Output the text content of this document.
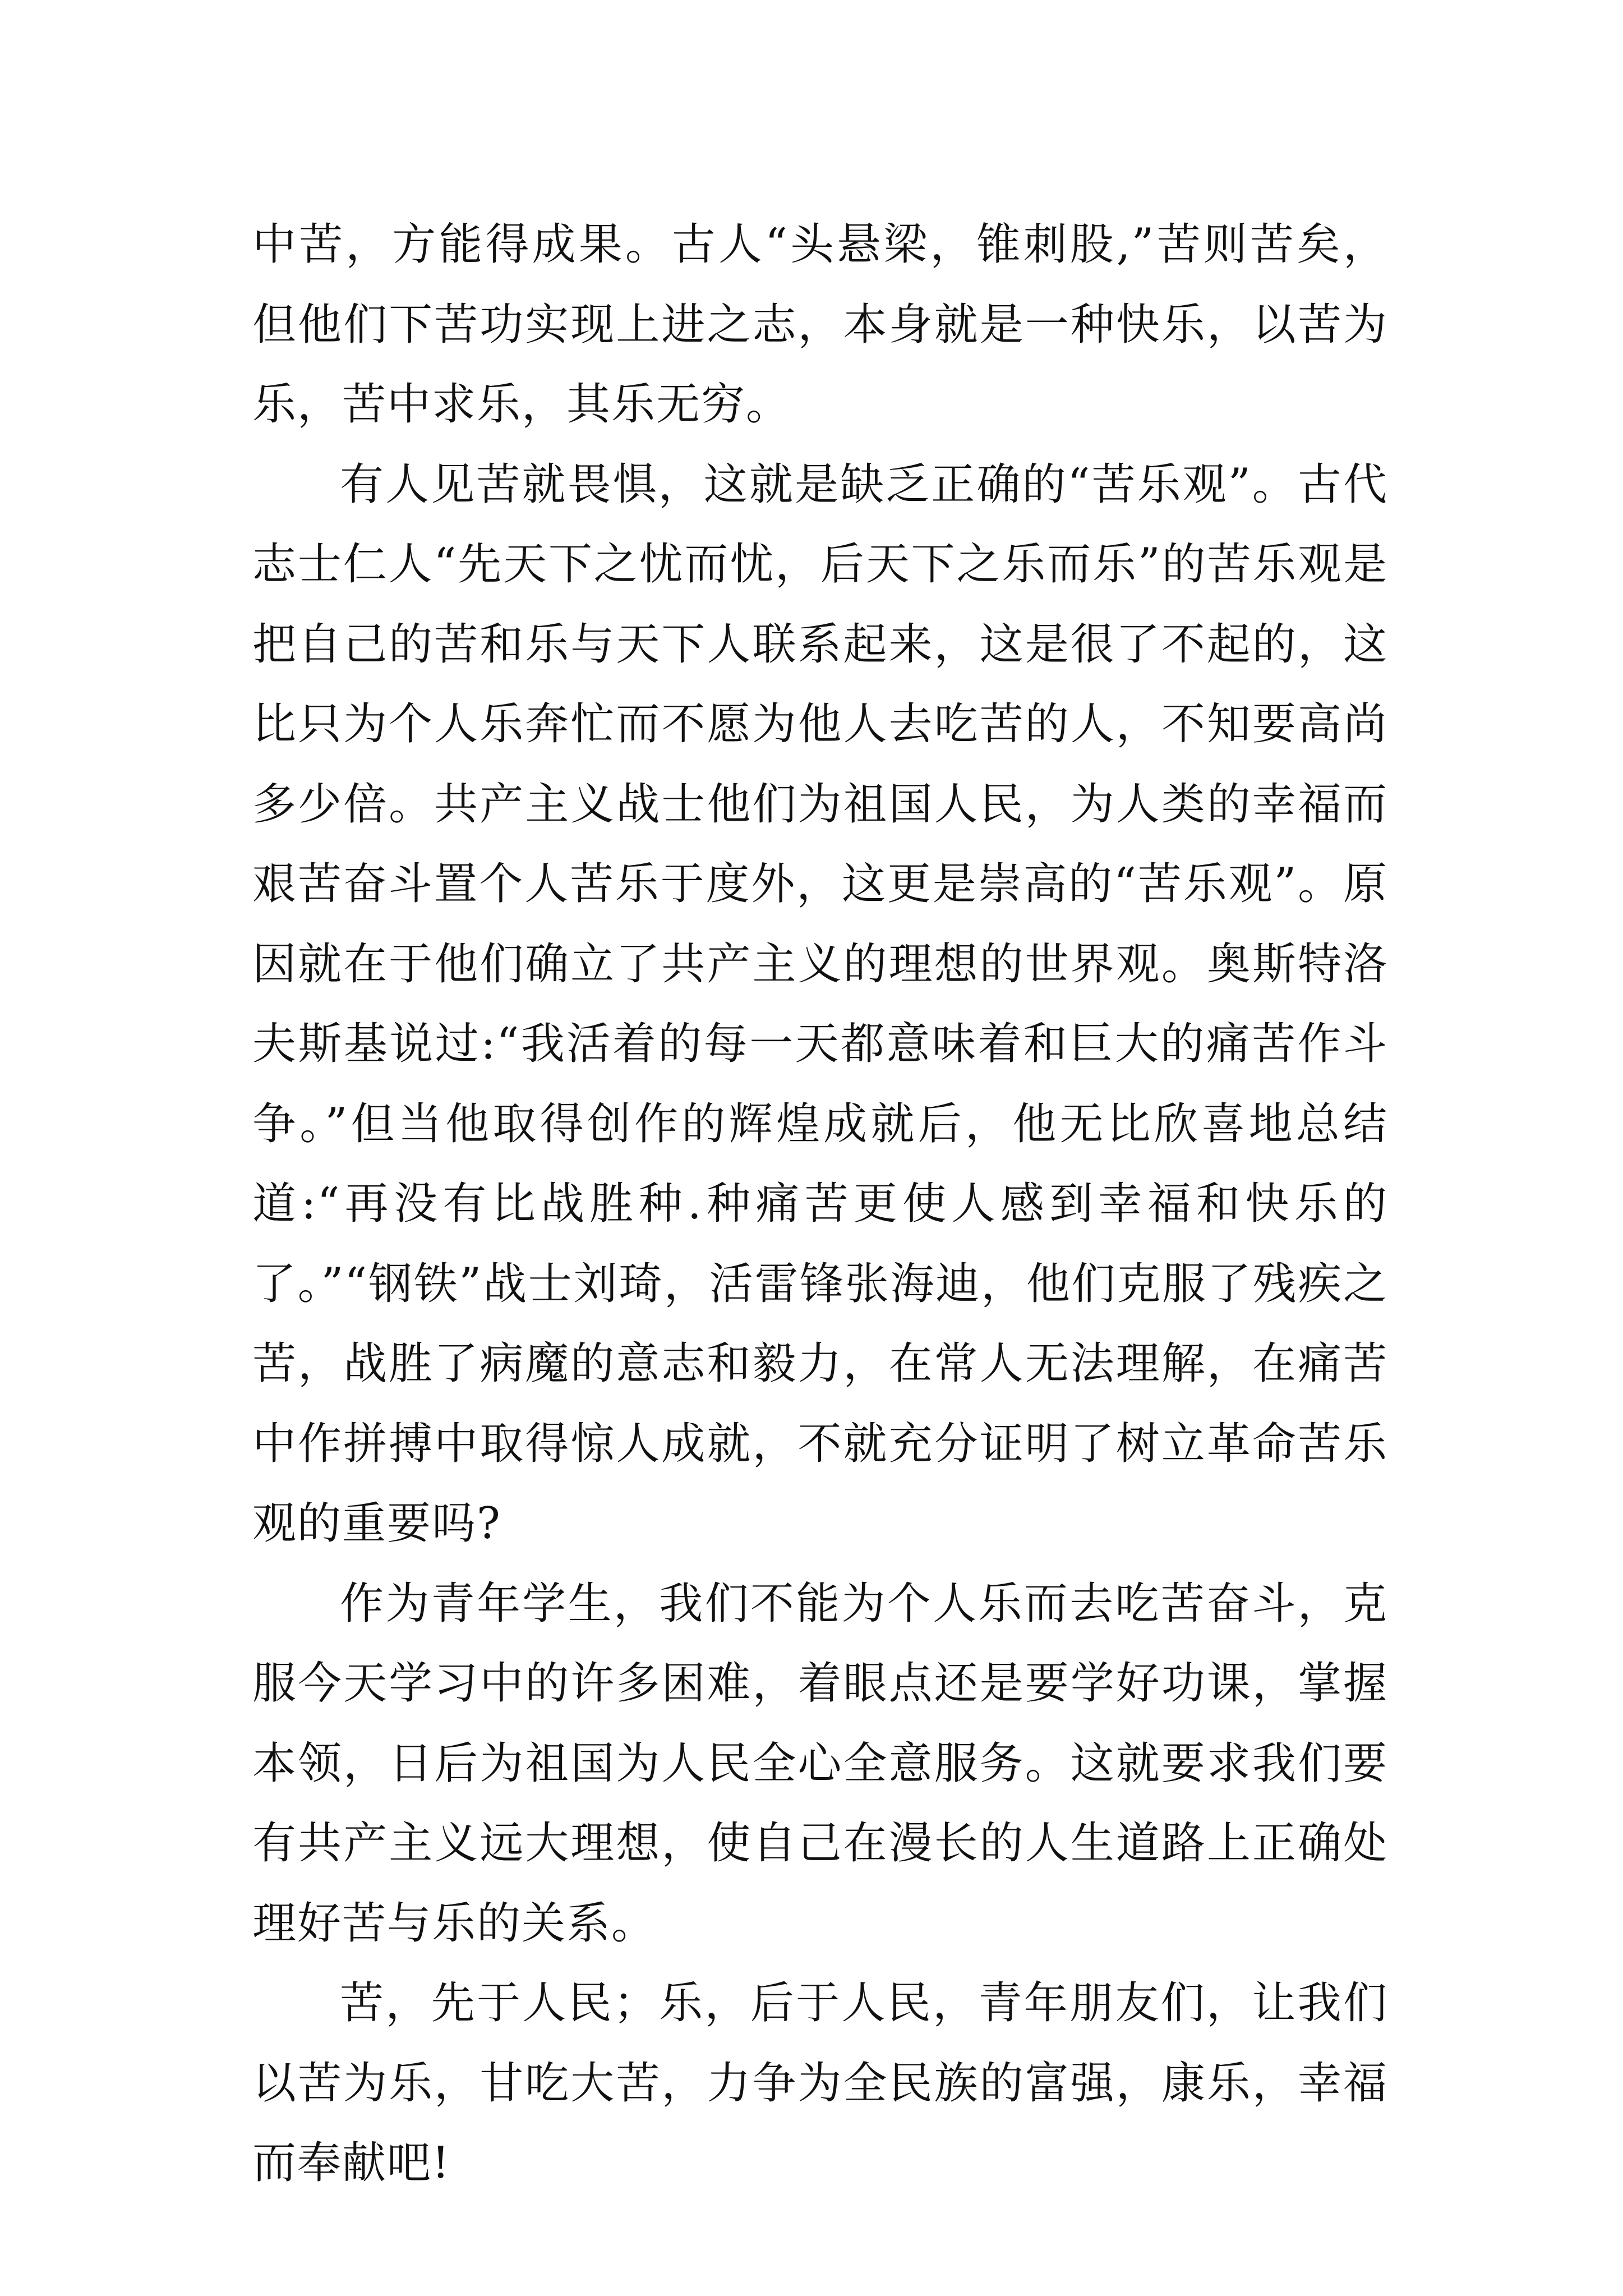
中苦，方能得成果。古人“头悬梁，锥刺股,”苦则苦矣，但他们下苦功实现上进之志，本身就是一种快乐，以苦为乐，苦中求乐，其乐无穷。

有人见苦就畏惧，这就是缺乏正确的“苦乐观”。古代志士仁人“先天下之忧而忧，后天下之乐而乐”的苦乐观是把自己的苦和乐与天下人联系起来，这是很了不起的，这比只为个人乐奔忙而不愿为他人去吃苦的人，不知要高尚多少倍。共产主义战士他们为祖国人民，为人类的幸福而艰苦奋斗置个人苦乐于度外，这更是崇高的“苦乐观”。原因就在于他们确立了共产主义的理想的世界观。奥斯特洛夫斯基说过:“我活着的每一天都意味着和巨大的痛苦作斗争。”但当他取得创作的辉煌成就后，他无比欣喜地总结道:“再没有比战胜种.种痛苦更使人感到幸福和快乐的了。”“钢铁”战士刘琦，活雷锋张海迪，他们克服了残疾之苦，战胜了病魔的意志和毅力，在常人无法理解，在痛苦中作拼搏中取得惊人成就，不就充分证明了树立革命苦乐观的重要吗?

作为青年学生，我们不能为个人乐而去吃苦奋斗，克服今天学习中的许多困难，着眼点还是要学好功课，掌握本领，日后为祖国为人民全心全意服务。这就要求我们要有共产主义远大理想，使自己在漫长的人生道路上正确处理好苦与乐的关系。

苦，先于人民；乐，后于人民，青年朋友们，让我们以苦为乐，甘吃大苦，力争为全民族的富强，康乐，幸福而奉献吧!
